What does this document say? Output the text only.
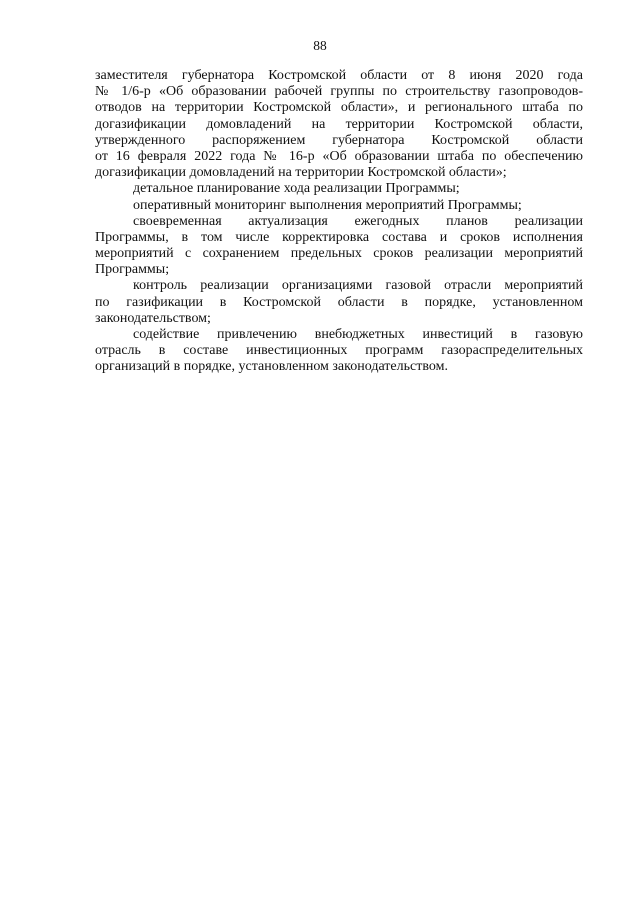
88
заместителя губернатора Костромской области от 8 июня 2020 года
№ 1/6-р «Об образовании рабочей группы по строительству газопроводов-
отводов на территории Костромской области», и регионального штаба по
догазификации домовладений на территории Костромской области,
утвержденного распоряжением губернатора Костромской области
от 16 февраля 2022 года № 16-р «Об образовании штаба по обеспечению
догазификации домовладений на территории Костромской области»;
детальное планирование хода реализации Программы;
оперативный мониторинг выполнения мероприятий Программы;
своевременная актуализация ежегодных планов реализации
Программы, в том числе корректировка состава и сроков исполнения
мероприятий с сохранением предельных сроков реализации мероприятий
Программы;
контроль реализации организациями газовой отрасли мероприятий
по газификации в Костромской области в порядке, установленном
законодательством;
содействие привлечению внебюджетных инвестиций в газовую
отрасль в составе инвестиционных программ газораспределительных
организаций в порядке, установленном законодательством.
